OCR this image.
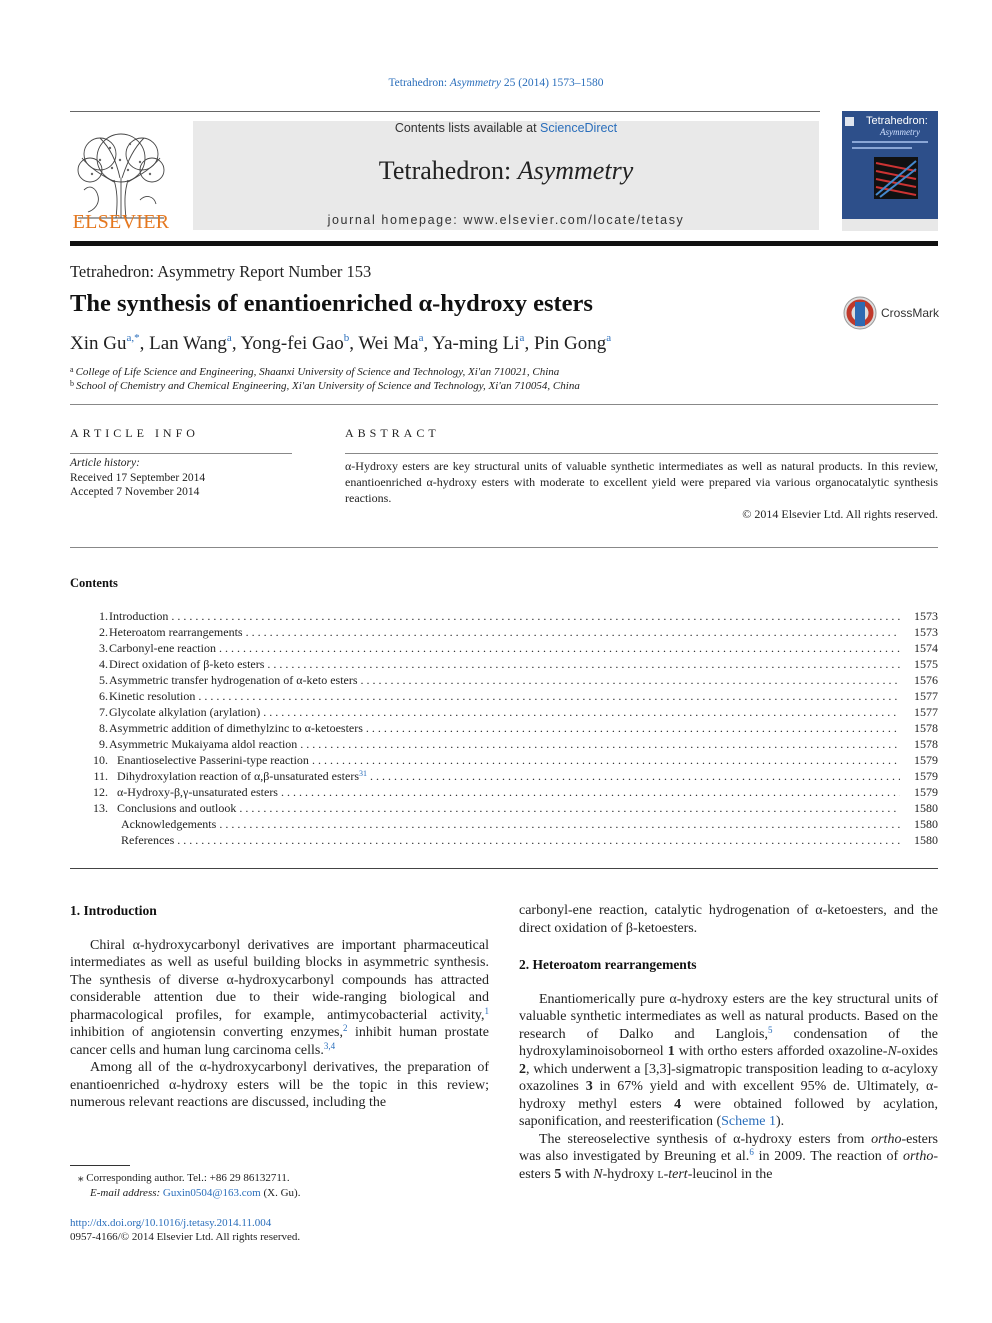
Tetrahedron: Asymmetry 25 (2014) 1573–1580
ELSEVIER
Contents lists available at ScienceDirect
Tetrahedron: Asymmetry
journal homepage: www.elsevier.com/locate/tetasy
Tetrahedron:
Asymmetry
Tetrahedron: Asymmetry Report Number 153
The synthesis of enantioenriched α-hydroxy esters	CrossMark
Xin $Gu^{a,*}$, Lan Wang$^a$, Yong-fei Gao$^b$, Wei Ma$^a$, Ya-ming Li$^a$, Pin Gong$^a$
$^a$ College of Life Science and Engineering, Shaanxi University of Science and Technology, Xi'an 710021, China
$^b$ School of Chemistry and Chemical Engineering, Xi'an University of Science and Technology, Xi'an 710054, China
ARTICLE INFO
Article history:
Received 17 September 2014
Accepted 7 November 2014
ABSTRACT
α-Hydroxy esters are key structural units of valuable synthetic intermediates as well as natural products. In this review, enantioenriched α-hydroxy esters with moderate to excellent yield were prepared via various organocatalytic synthesis reactions.
© 2014 Elsevier Ltd. All rights reserved.
Contents
1. Introduction . . .	1573
2. Heteroatom rearrangements . . .	1573
3. Carbonyl-ene reaction . . .	1574
4. Direct oxidation of β-keto esters . . .	1575
5. Asymmetric transfer hydrogenation of α-keto esters . . .	1576
6. Kinetic resolution . . .	1577
7. Glycolate alkylation (arylation) . . .	1577
8. Asymmetric addition of dimethylzinc to α-ketoesters . . .	1578
9. Asymmetric Mukaiyama aldol reaction . . .	1578
10. Enantioselective Passerini-type reaction . . .	1579
11. Dihydroxylation reaction of α,β-unsaturated esters$^{31}$ . . .	1579
12. α-Hydroxy-β,γ-unsaturated esters . . .	1579
13. Conclusions and outlook . . .	1580
Acknowledgements . . .	1580
References . . .	1580
1. Introduction

Chiral α-hydroxycarbonyl derivatives are important pharmaceutical intermediates as well as useful building blocks in asymmetric synthesis. The synthesis of diverse α-hydroxycarbonyl compounds has attracted considerable attention due to their wide-ranging biological and pharmacological profiles, for example, antimycobacterial activity,$^1$ inhibition of angiotensin converting enzymes,$^2$ inhibit human prostate cancer cells and human lung carcinoma cells.$^{3,4}$

Among all of the α-hydroxycarbonyl derivatives, the preparation of enantioenriched α-hydroxy esters will be the topic in this review; numerous relevant reactions are discussed, including the

carbonyl-ene reaction, catalytic hydrogenation of α-ketoesters, and the direct oxidation of β-ketoesters.

2. Heteroatom rearrangements

Enantiomerically pure α-hydroxy esters are the key structural units of valuable synthetic intermediates as well as natural products. Based on the research of Dalko and Langlois,$^5$ condensation of the hydroxylaminoisoborneol 1 with ortho esters afforded oxazoline-N-oxides 2, which underwent a [3,3]-sigmatropic transposition leading to α-acyloxy oxazolines 3 in 67% yield and with excellent 95% de. Ultimately, α-hydroxy methyl esters 4 were obtained followed by acylation, saponification, and reesterification (Scheme 1).

The stereoselective synthesis of α-hydroxy esters from ortho-esters was also investigated by Breuning et al.$^6$ in 2009. The reaction of ortho-esters 5 with N-hydroxy l-tert-leucinol in the

⁎ Corresponding author. Tel.: +86 29 86132711.
E-mail address: Guxin0504@163.com (X. Gu).
http://dx.doi.org/10.1016/j.tetasy.2014.11.004
0957-4166/© 2014 Elsevier Ltd. All rights reserved.
